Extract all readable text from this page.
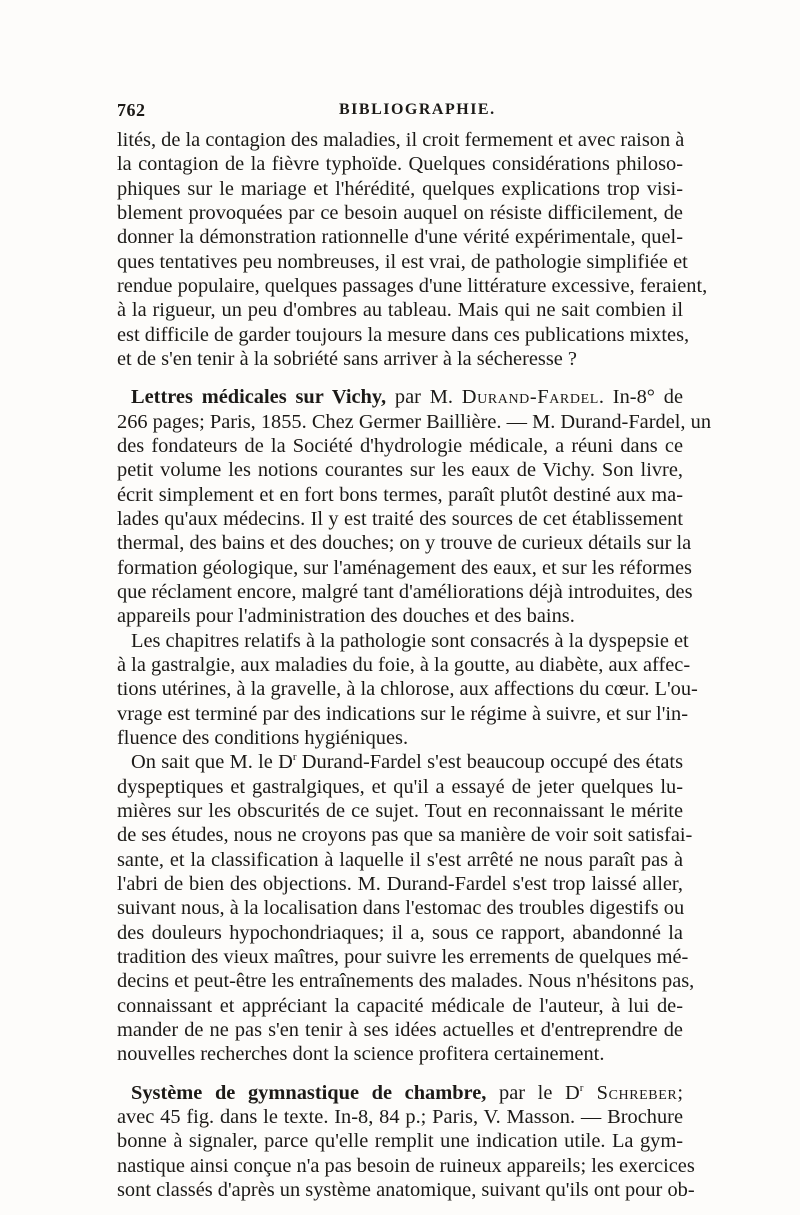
762	BIBLIOGRAPHIE.
lités, de la contagion des maladies, il croit fermement et avec raison à
la contagion de la fièvre typhoïde. Quelques considérations philoso-
phiques sur le mariage et l'hérédité, quelques explications trop visi-
blement provoquées par ce besoin auquel on résiste difficilement, de
donner la démonstration rationnelle d'une vérité expérimentale, quel-
ques tentatives peu nombreuses, il est vrai, de pathologie simplifiée et
rendue populaire, quelques passages d'une littérature excessive, feraient,
à la rigueur, un peu d'ombres au tableau. Mais qui ne sait combien il
est difficile de garder toujours la mesure dans ces publications mixtes,
et de s'en tenir à la sobriété sans arriver à la sécheresse ?
Lettres médicales sur Vichy, par M. Durand-Fardel. In-8° de
266 pages; Paris, 1855. Chez Germer Baillière. — M. Durand-Fardel, un
des fondateurs de la Société d'hydrologie médicale, a réuni dans ce
petit volume les notions courantes sur les eaux de Vichy. Son livre,
écrit simplement et en fort bons termes, paraît plutôt destiné aux ma-
lades qu'aux médecins. Il y est traité des sources de cet établissement
thermal, des bains et des douches; on y trouve de curieux détails sur la
formation géologique, sur l'aménagement des eaux, et sur les réformes
que réclament encore, malgré tant d'améliorations déjà introduites, des
appareils pour l'administration des douches et des bains.
Les chapitres relatifs à la pathologie sont consacrés à la dyspepsie et
à la gastralgie, aux maladies du foie, à la goutte, au diabète, aux affec-
tions utérines, à la gravelle, à la chlorose, aux affections du cœur. L'ou-
vrage est terminé par des indications sur le régime à suivre, et sur l'in-
fluence des conditions hygiéniques.
On sait que M. le $D^r$ Durand-Fardel s'est beaucoup occupé des états
dyspeptiques et gastralgiques, et qu'il a essayé de jeter quelques lu-
mières sur les obscurités de ce sujet. Tout en reconnaissant le mérite
de ses études, nous ne croyons pas que sa manière de voir soit satisfai-
sante, et la classification à laquelle il s'est arrêté ne nous paraît pas à
l'abri de bien des objections. M. Durand-Fardel s'est trop laissé aller,
suivant nous, à la localisation dans l'estomac des troubles digestifs ou
des douleurs hypochondriaques; il a, sous ce rapport, abandonné la
tradition des vieux maîtres, pour suivre les errements de quelques mé-
decins et peut-être les entraînements des malades. Nous n'hésitons pas,
connaissant et appréciant la capacité médicale de l'auteur, à lui de-
mander de ne pas s'en tenir à ses idées actuelles et d'entreprendre de
nouvelles recherches dont la science profitera certainement.
Système de gymnastique de chambre, par le $D^r$ Schreber;
avec 45 fig. dans le texte. In-8, 84 p.; Paris, V. Masson. — Brochure
bonne à signaler, parce qu'elle remplit une indication utile. La gym-
nastique ainsi conçue n'a pas besoin de ruineux appareils; les exercices
sont classés d'après un système anatomique, suivant qu'ils ont pour ob-
